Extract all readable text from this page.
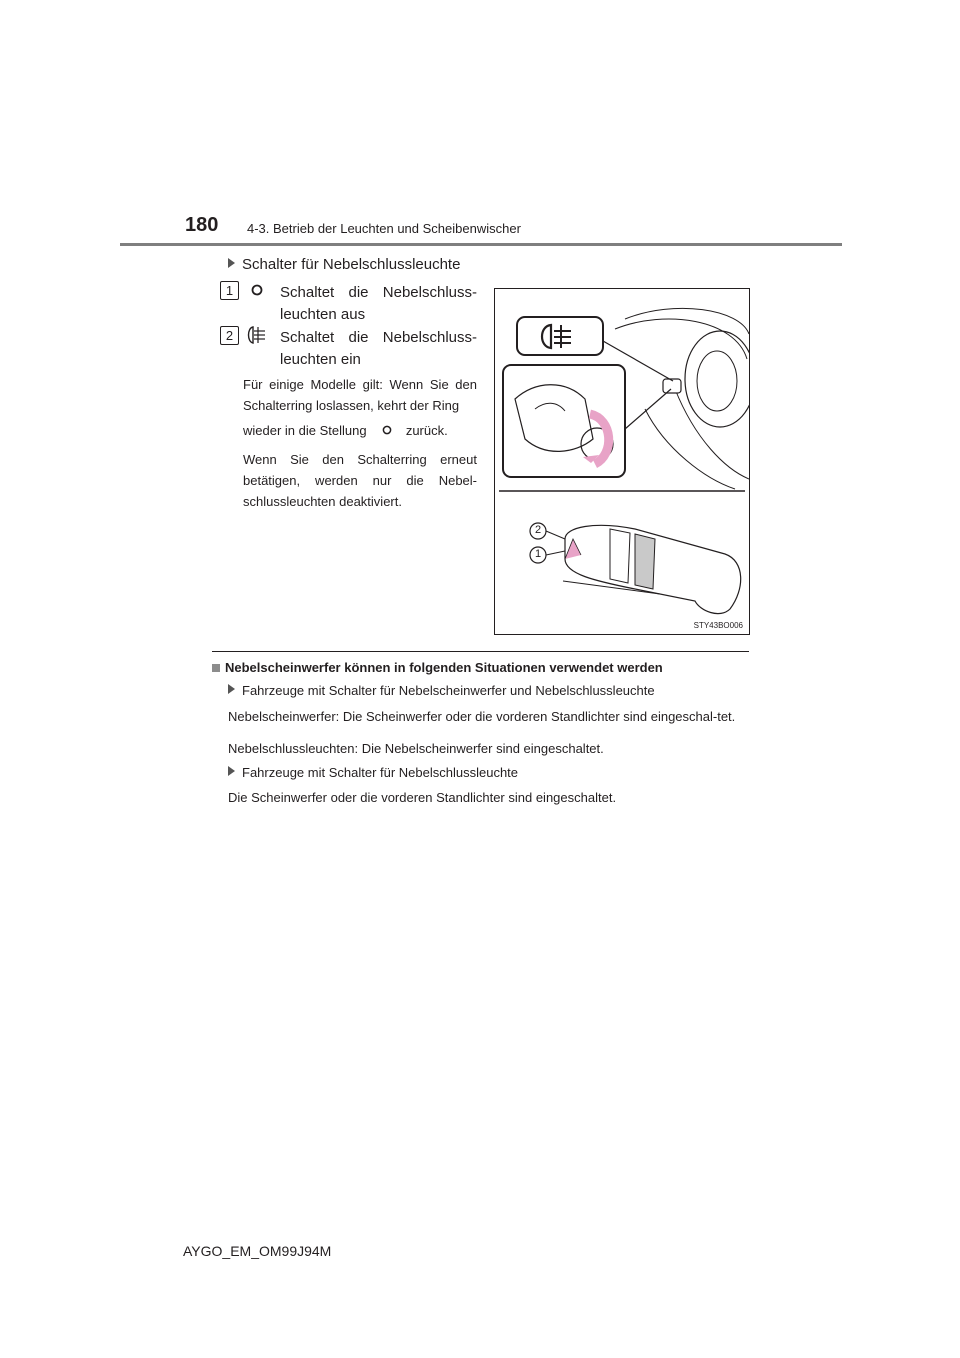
180 4-3. Betrieb der Leuchten und Scheibenwischer
Schalter für Nebelschlussleuchte
1	Schaltet die Nebelschluss-leuchten aus
2	Schaltet die Nebelschluss-leuchten ein
Für einige Modelle gilt: Wenn Sie den Schalterring loslassen, kehrt der Ring
wieder in die Stellung	zurück.
Wenn Sie den Schalterring erneut betätigen, werden nur die Nebel-schlussleuchten deaktiviert.
2
1
STY43BO006
Nebelscheinwerfer können in folgenden Situationen verwendet werden
Fahrzeuge mit Schalter für Nebelscheinwerfer und Nebelschlussleuchte
Nebelscheinwerfer: Die Scheinwerfer oder die vorderen Standlichter sind eingeschal-tet.
Nebelschlussleuchten: Die Nebelscheinwerfer sind eingeschaltet.
Fahrzeuge mit Schalter für Nebelschlussleuchte
Die Scheinwerfer oder die vorderen Standlichter sind eingeschaltet.
AYGO_EM_OM99J94M
